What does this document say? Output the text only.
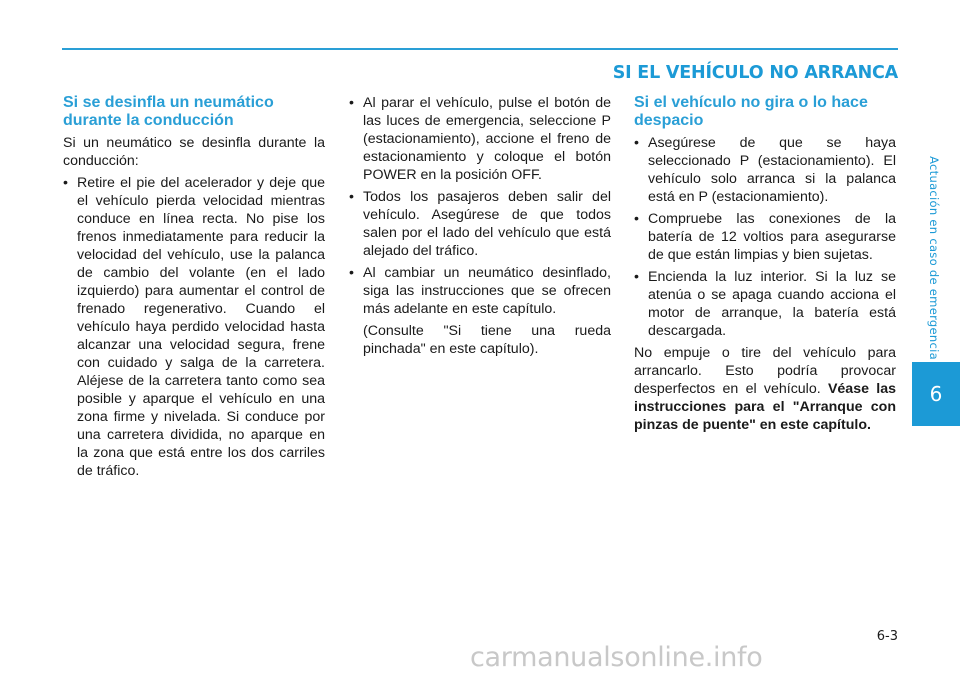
SI EL VEHÍCULO NO ARRANCA
Actuación en caso de emergencia
6
Si se desinfla un neumático durante la conducción

Si un neumático se desinfla durante la conducción:

• Retire el pie del acelerador y deje que el vehículo pierda velocidad mientras conduce en línea recta. No pise los frenos inmediatamente para reducir la velocidad del vehículo, use la palanca de cambio del volante (en el lado izquierdo) para aumentar el control de frenado regenerativo. Cuando el vehículo haya perdido velocidad hasta alcanzar una velocidad segura, frene con cuidado y salga de la carretera. Aléjese de la carretera tanto como sea posible y aparque el vehículo en una zona firme y nivelada. Si conduce por una carretera dividida, no aparque en la zona que está entre los dos carriles de tráfico.
• Al parar el vehículo, pulse el botón de las luces de emergencia, seleccione P (estacionamiento), accione el freno de estacionamiento y coloque el botón POWER en la posición OFF.
• Todos los pasajeros deben salir del vehículo. Asegúrese de que todos salen por el lado del vehículo que está alejado del tráfico.
• Al cambiar un neumático desinflado, siga las instrucciones que se ofrecen más adelante en este capítulo.

(Consulte "Si tiene una rueda pinchada" en este capítulo).

Si el vehículo no gira o lo hace despacio
• Asegúrese de que se haya seleccionado P (estacionamiento). El vehículo solo arranca si la palanca está en P (estacionamiento).
• Compruebe las conexiones de la batería de 12 voltios para asegurarse de que están limpias y bien sujetas.
• Encienda la luz interior. Si la luz se atenúa o se apaga cuando acciona el motor de arranque, la batería está descargada.

No empuje o tire del vehículo para arrancarlo. Esto podría provocar desperfectos en el vehículo. Véase las instrucciones para el "Arranque con pinzas de puente" en este capítulo.

6-3
carmanualsonline.info
